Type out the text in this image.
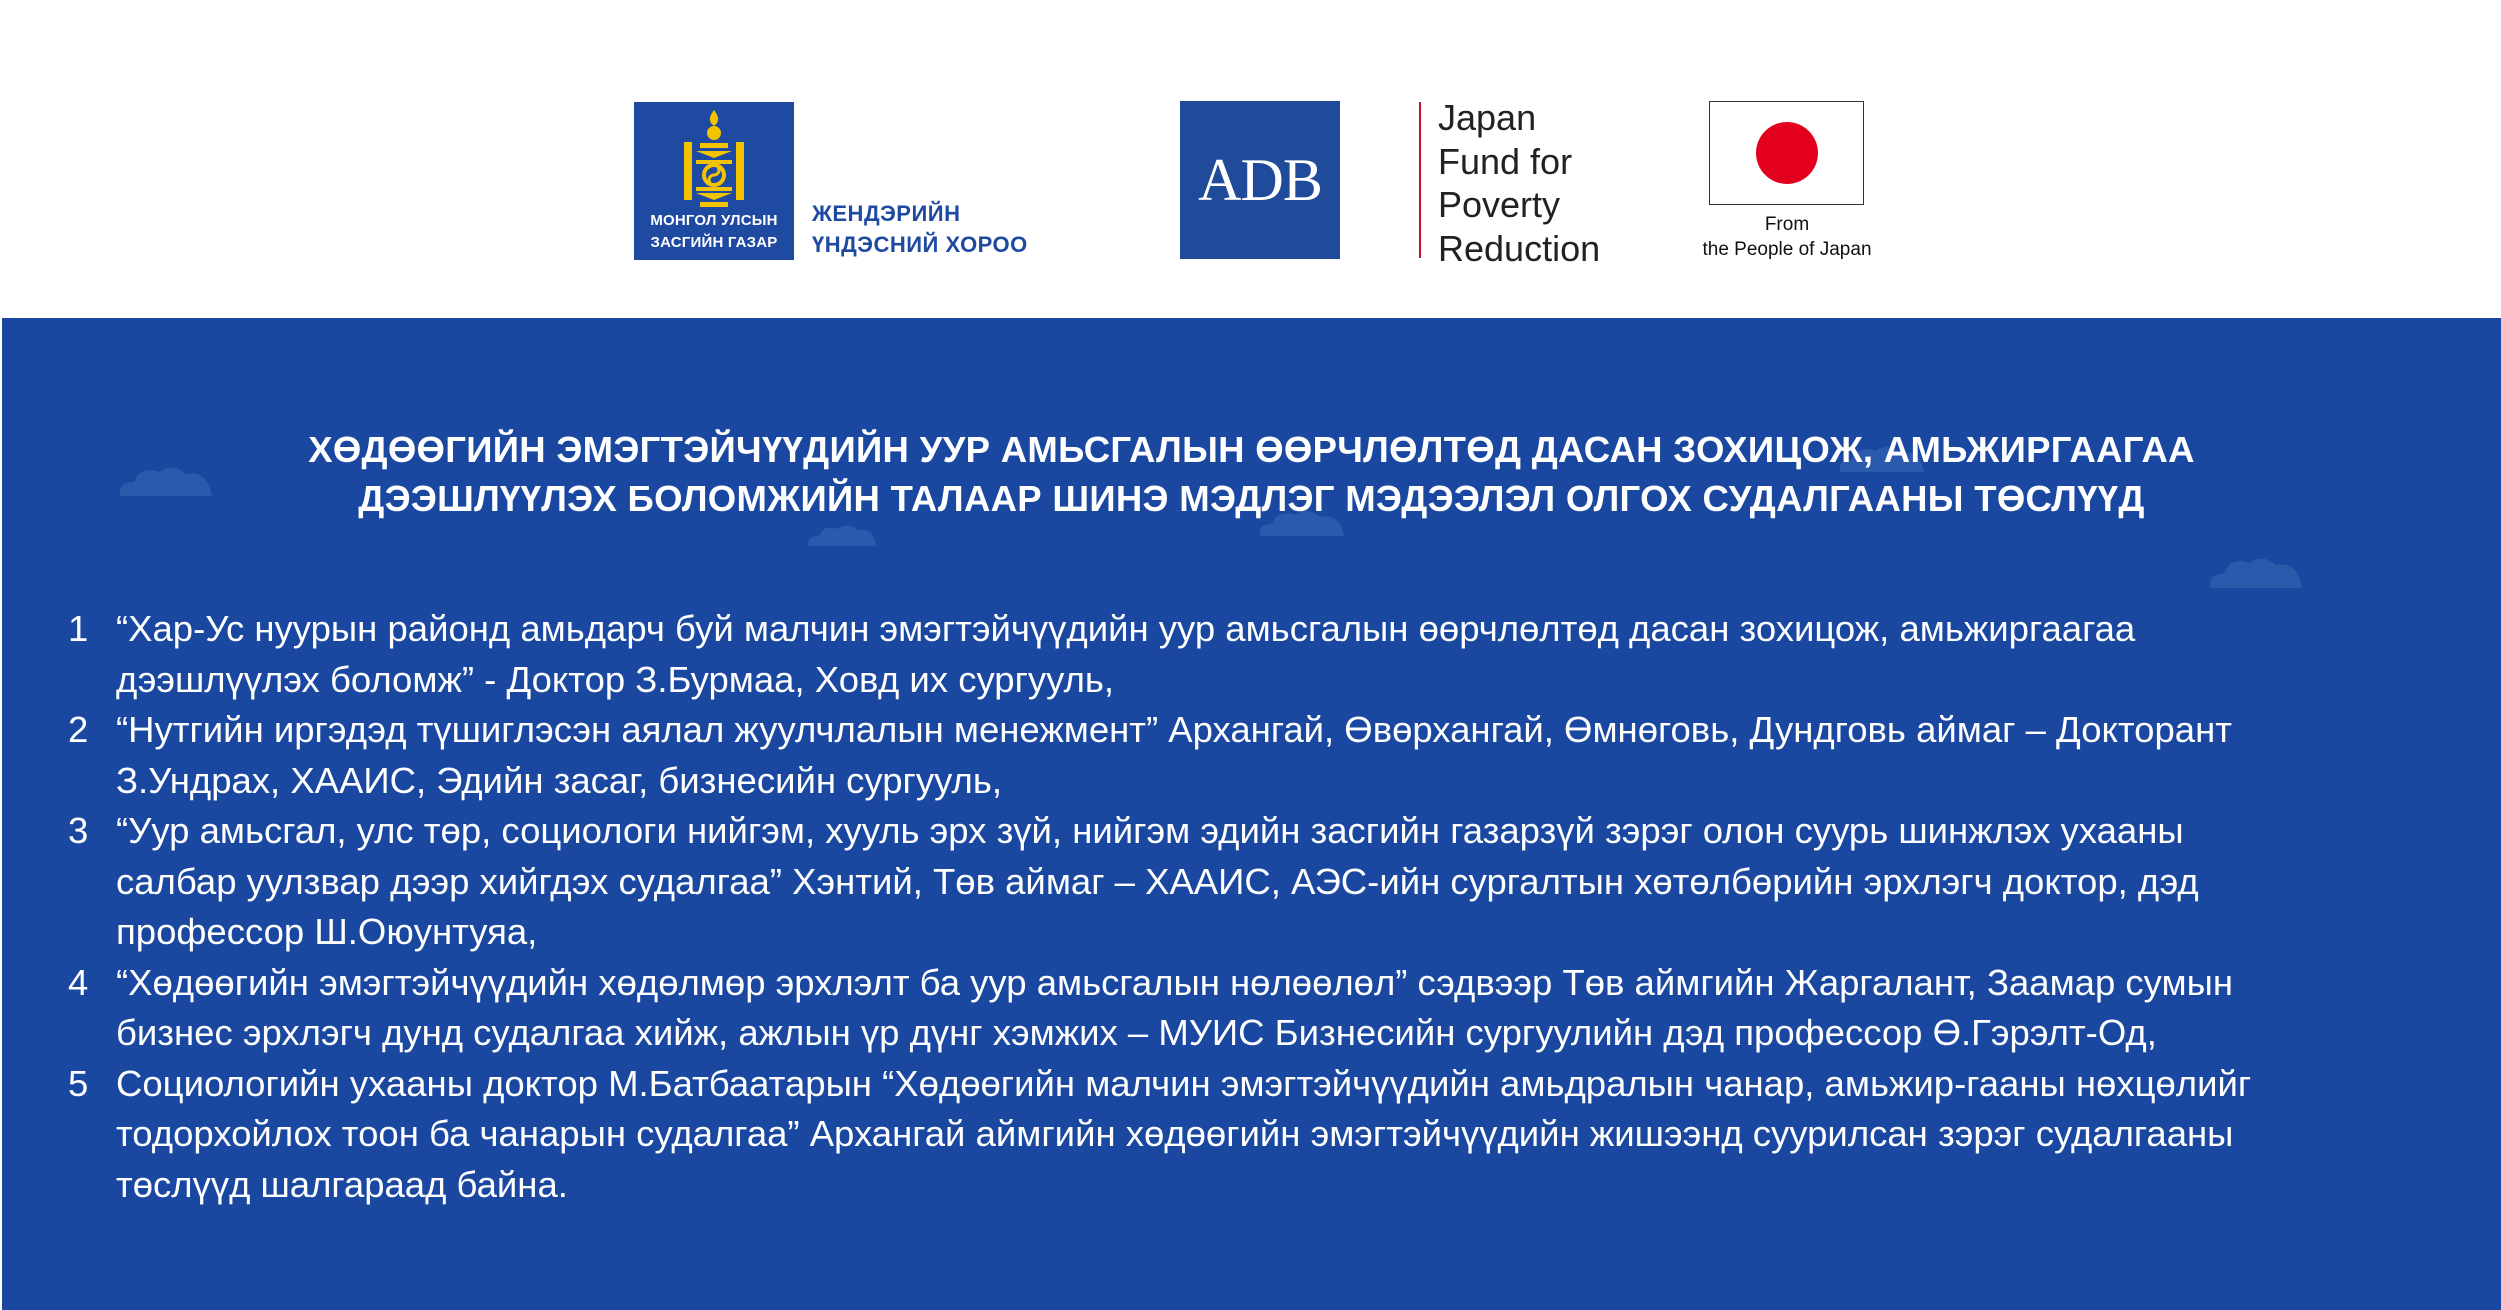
МОНГОЛ УЛСЫН
ЗАСГИЙН ГАЗАР
ЖЕНДЭРИЙН
ҮНДЭСНИЙ ХОРОО
ADB
Japan
Fund for
Poverty
Reduction
From
the People of Japan
ХӨДӨӨГИЙН ЭМЭГТЭЙЧҮҮДИЙН УУР АМЬСГАЛЫН ӨӨРЧЛӨЛТӨД ДАСАН ЗОХИЦОЖ, АМЬЖИРГААГАА
ДЭЭШЛҮҮЛЭХ БОЛОМЖИЙН ТАЛААР ШИНЭ МЭДЛЭГ МЭДЭЭЛЭЛ ОЛГОХ СУДАЛГААНЫ ТӨСЛҮҮД
1 “Хар-Ус нуурын районд амьдарч буй малчин эмэгтэйчүүдийн уур амьсгалын өөрчлөлтөд дасан зохицож, амьжиргаагаа
дээшлүүлэх боломж” - Доктор З.Бурмаа, Ховд их сургууль,
2 “Нутгийн иргэдэд түшиглэсэн аялал жуулчлалын менежмент” Архангай, Өвөрхангай, Өмнөговь, Дундговь аймаг – Докторант
З.Ундрах, ХААИС, Эдийн засаг, бизнесийн сургууль,
3 “Уур амьсгал, улс төр, социологи нийгэм, хууль эрх зүй, нийгэм эдийн засгийн газарзүй зэрэг олон суурь шинжлэх ухааны
салбар уулзвар дээр хийгдэх судалгаа” Хэнтий, Төв аймаг – ХААИС, АЭС-ийн сургалтын хөтөлбөрийн эрхлэгч доктор, дэд
профессор Ш.Оюунтуяа,
4 “Хөдөөгийн эмэгтэйчүүдийн хөдөлмөр эрхлэлт ба уур амьсгалын нөлөөлөл” сэдвээр Төв аймгийн Жаргалант, Заамар сумын
бизнес эрхлэгч дунд судалгаа хийж, ажлын үр дүнг хэмжих – МУИС Бизнесийн сургуулийн дэд профессор Ө.Гэрэлт-Од,
5 Социологийн ухааны доктор М.Батбаатарын “Хөдөөгийн малчин эмэгтэйчүүдийн амьдралын чанар, амьжир-гааны нөхцөлийг
тодорхойлох тоон ба чанарын судалгаа” Архангай аймгийн хөдөөгийн эмэгтэйчүүдийн жишээнд суурилсан зэрэг судалгааны
төслүүд шалгараад байна.
